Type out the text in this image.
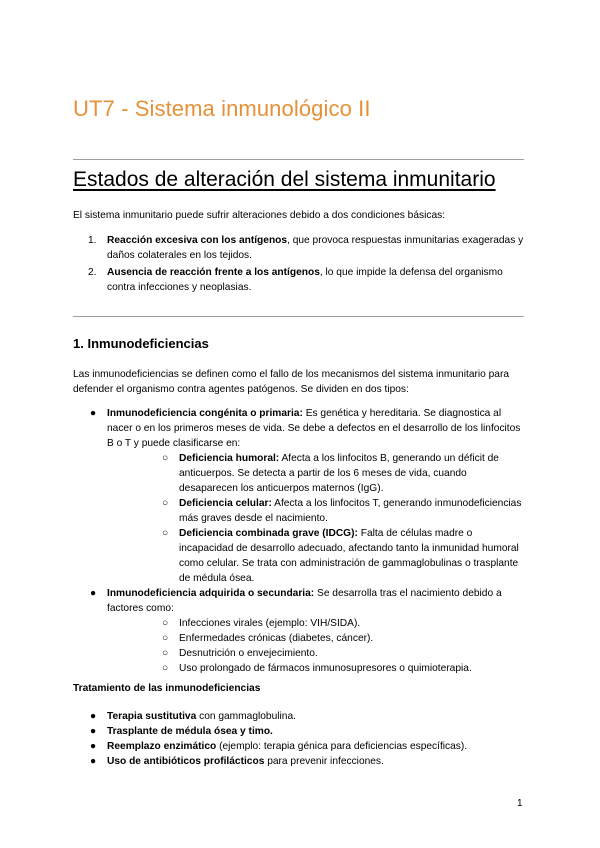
UT7 - Sistema inmunológico II
Estados de alteración del sistema inmunitario

El sistema inmunitario puede sufrir alteraciones debido a dos condiciones básicas:

1. Reacción excesiva con los antígenos, que provoca respuestas inmunitarias exageradas y daños colaterales en los tejidos.
2. Ausencia de reacción frente a los antígenos, lo que impide la defensa del organismo contra infecciones y neoplasias.
1. Inmunodeficiencias

Las inmunodeficiencias se definen como el fallo de los mecanismos del sistema inmunitario para defender el organismo contra agentes patógenos. Se dividen en dos tipos:

● Inmunodeficiencia congénita o primaria: Es genética y hereditaria. Se diagnostica al nacer o en los primeros meses de vida. Se debe a defectos en el desarrollo de los linfocitos B o T y puede clasificarse en:
○ Deficiencia humoral: Afecta a los linfocitos B, generando un déficit de anticuerpos. Se detecta a partir de los 6 meses de vida, cuando desaparecen los anticuerpos maternos (IgG).
○ Deficiencia celular: Afecta a los linfocitos T, generando inmunodeficiencias más graves desde el nacimiento.
○ Deficiencia combinada grave (IDCG): Falta de células madre o incapacidad de desarrollo adecuado, afectando tanto la inmunidad humoral como celular. Se trata con administración de gammaglobulinas o trasplante de médula ósea.
● Inmunodeficiencia adquirida o secundaria: Se desarrolla tras el nacimiento debido a factores como:
○ Infecciones virales (ejemplo: VIH/SIDA).
○ Enfermedades crónicas (diabetes, cáncer).
○ Desnutrición o envejecimiento.
○ Uso prolongado de fármacos inmunosupresores o quimioterapia.
Tratamiento de las inmunodeficiencias
● Terapia sustitutiva con gammaglobulina.
● Trasplante de médula ósea y timo.
● Reemplazo enzimático (ejemplo: terapia génica para deficiencias específicas).
● Uso de antibióticos profilácticos para prevenir infecciones.
1
